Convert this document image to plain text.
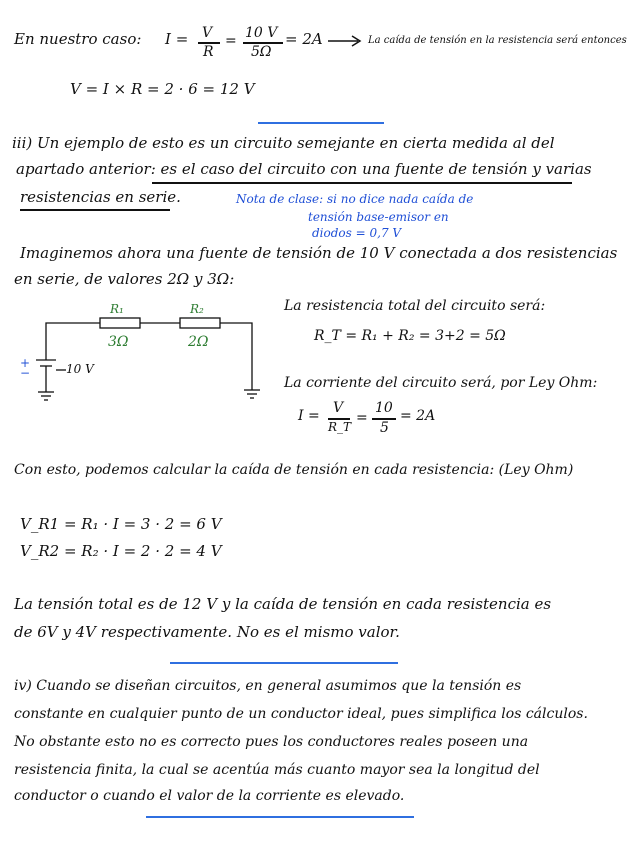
En nuestro caso: I = V
R
= 10 V
5Ω
= 2A	La caída de tensión en la resistencia será entonces
V = I × R = 2 · 6 = 12 V
iii) Un ejemplo de esto es un circuito semejante en cierta medida al del
apartado anterior: es el caso del circuito con una fuente de tensión y varias
resistencias en serie.	Nota de clase: si no dice nada caída de
tensión base-emisor en
diodos = 0,7 V
Imaginemos ahora una fuente de tensión de 10 V conectada a dos resistencias
en serie, de valores 2Ω y 3Ω:
R₁
3Ω
R₂
2Ω
10 V
+
−
La resistencia total del circuito será:
R_T = R₁ + R₂ = 3+2 = 5Ω
La corriente del circuito será, por Ley Ohm:
I = V
R_T
=
10
5
= 2A
Con esto, podemos calcular la caída de tensión en cada resistencia: (Ley Ohm)
V_R1 = R₁ · I = 3 · 2 = 6 V
V_R2 = R₂ · I = 2 · 2 = 4 V
La tensión total es de 12 V y la caída de tensión en cada resistencia es
de 6V y 4V respectivamente. No es el mismo valor.
iv) Cuando se diseñan circuitos, en general asumimos que la tensión es
constante en cualquier punto de un conductor ideal, pues simplifica los cálculos.
No obstante esto no es correcto pues los conductores reales poseen una
resistencia finita, la cual se acentúa más cuanto mayor sea la longitud del
conductor o cuando el valor de la corriente es elevado.
